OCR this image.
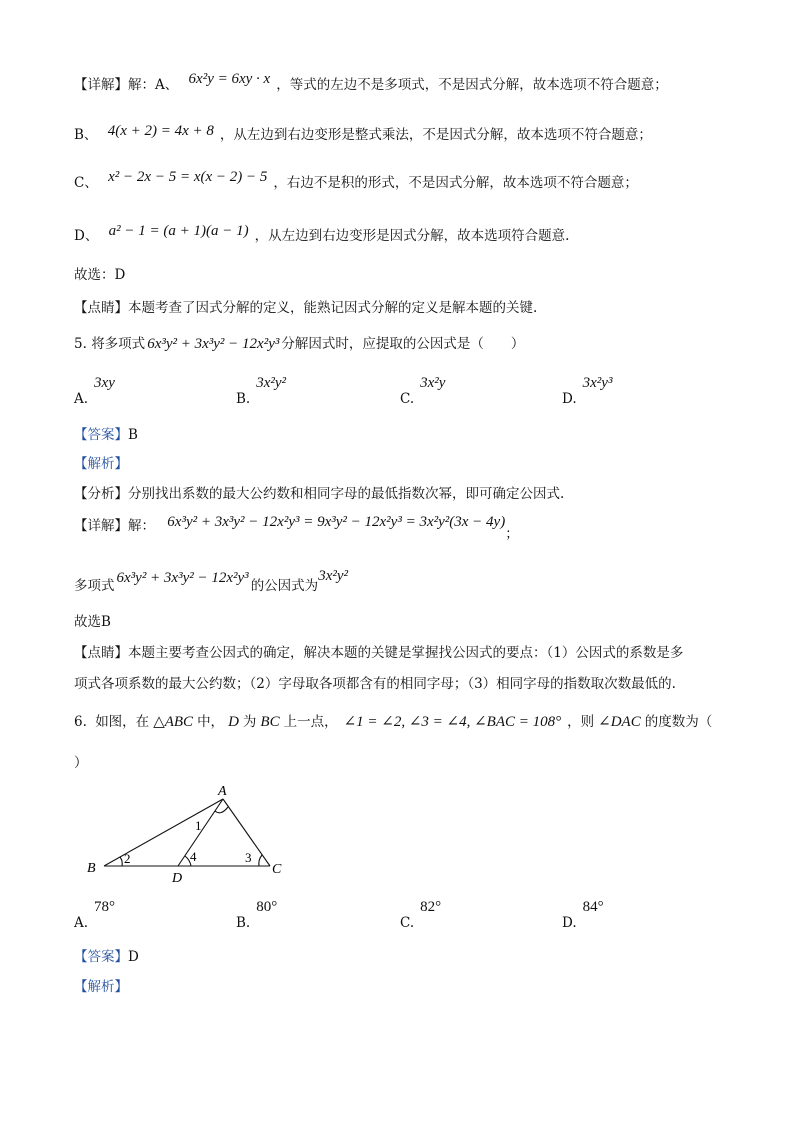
【详解】解：A、 6x²y = 6xy · x ，等式的左边不是多项式，不是因式分解，故本选项不符合题意；
B、 4(x + 2) = 4x + 8 ，从左边到右边变形是整式乘法，不是因式分解，故本选项不符合题意；
C、 x² − 2x − 5 = x(x − 2) − 5 ，右边不是积的形式，不是因式分解，故本选项不符合题意；
D、 a² − 1 = (a + 1)(a − 1) ，从左边到右边变形是因式分解，故本选项符合题意.
故选：D
【点睛】本题考查了因式分解的定义，能熟记因式分解的定义是解本题的关键.
5. 将多项式 6x³y² + 3x³y² − 12x²y³ 分解因式时，应提取的公因式是（　　）
A.3xy
B.3x²y²
C.3x²y
D.3x²y³
【答案】B
【解析】
【分析】分别找出系数的最大公约数和相同字母的最低指数次幂，即可确定公因式.
【详解】解： 6x³y² + 3x³y² − 12x²y³ = 9x³y² − 12x²y³ = 3x²y²(3x − 4y)；
多项式 6x³y² + 3x³y² − 12x²y³ 的公因式为3x²y²
故选B
【点睛】本题主要考查公因式的确定，解决本题的关键是掌握找公因式的要点：（1）公因式的系数是多
项式各项系数的最大公约数；（2）字母取各项都含有的相同字母；（3）相同字母的指数取次数最低的.
6. 如图，在 △ABC 中， D 为 BC 上一点， ∠1 = ∠2, ∠3 = ∠4, ∠BAC = 108° ，则 ∠DAC 的度数为（
）
A
B	C
D
1
2	4	3
A.78°
B.80°
C.82°
D.84°
【答案】D
【解析】
